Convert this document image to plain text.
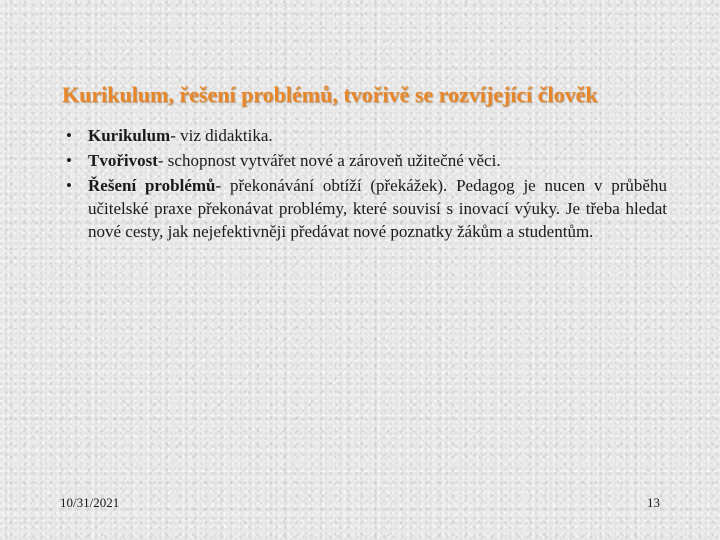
Kurikulum, řešení problémů, tvořivě se rozvíjející člověk
• Kurikulum- viz didaktika.
• Tvořivost- schopnost vytvářet nové a zároveň užitečné věci.
• Řešení problémů- překonávání obtíží (překážek). Pedagog je nucen v průběhu učitelské praxe překonávat problémy, které souvisí s inovací výuky. Je třeba hledat nové cesty, jak nejefektivněji předávat nové poznatky žákům a studentům.
10/31/2021	13
